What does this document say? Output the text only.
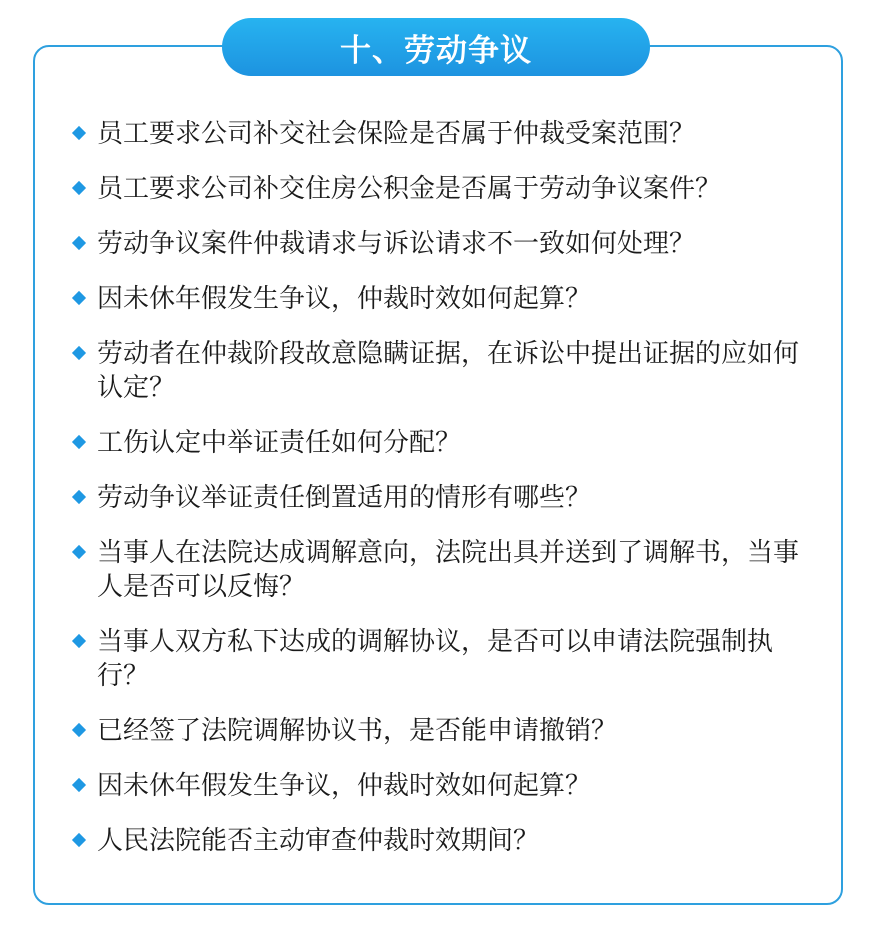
十、劳动争议
员工要求公司补交社会保险是否属于仲裁受案范围？
员工要求公司补交住房公积金是否属于劳动争议案件？
劳动争议案件仲裁请求与诉讼请求不一致如何处理？
因未休年假发生争议，仲裁时效如何起算？
劳动者在仲裁阶段故意隐瞒证据，在诉讼中提出证据的应如何认定？
工伤认定中举证责任如何分配？
劳动争议举证责任倒置适用的情形有哪些？
当事人在法院达成调解意向，法院出具并送到了调解书，当事人是否可以反悔？
当事人双方私下达成的调解协议，是否可以申请法院强制执行？
已经签了法院调解协议书，是否能申请撤销？
因未休年假发生争议，仲裁时效如何起算？
人民法院能否主动审查仲裁时效期间？
